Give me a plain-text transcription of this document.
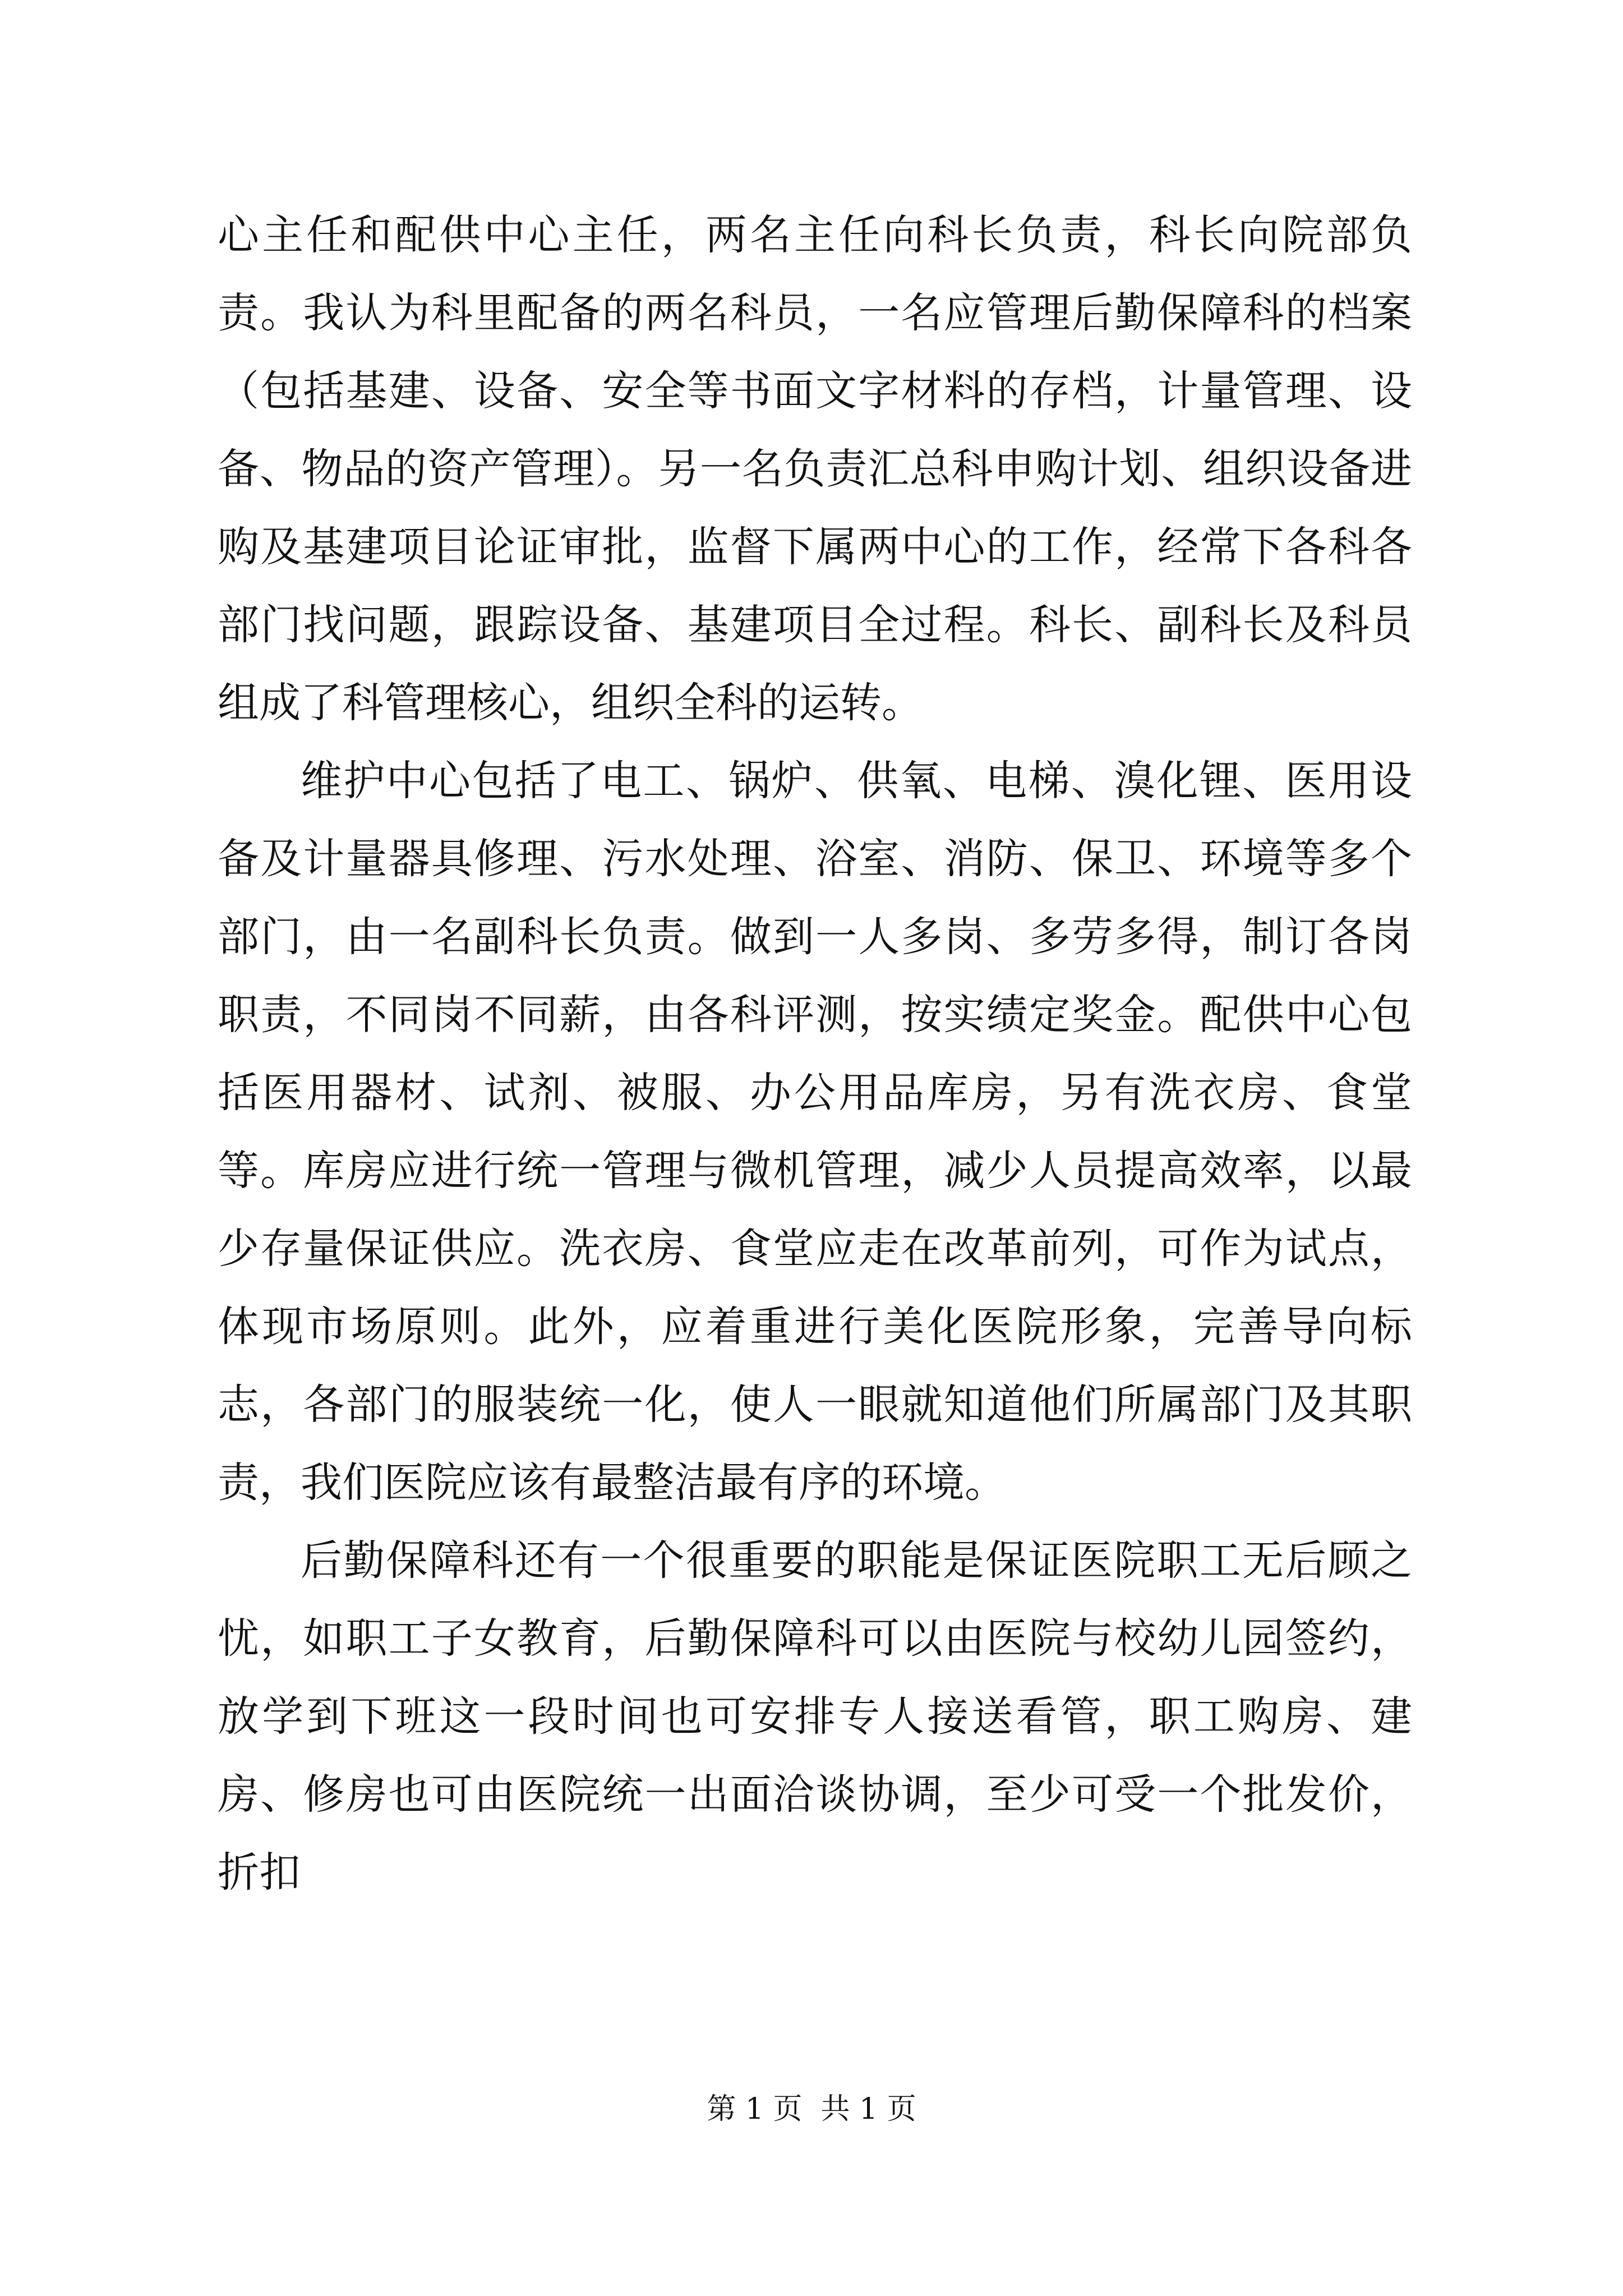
心主任和配供中心主任，两名主任向科长负责，科长向院部负责。我认为科里配备的两名科员，一名应管理后勤保障科的档案（包括基建、设备、安全等书面文字材料的存档，计量管理、设备、物品的资产管理）。另一名负责汇总科申购计划、组织设备进购及基建项目论证审批，监督下属两中心的工作，经常下各科各部门找问题，跟踪设备、基建项目全过程。科长、副科长及科员组成了科管理核心，组织全科的运转。

维护中心包括了电工、锅炉、供氧、电梯、溴化锂、医用设备及计量器具修理、污水处理、浴室、消防、保卫、环境等多个部门，由一名副科长负责。做到一人多岗、多劳多得，制订各岗职责，不同岗不同薪，由各科评测，按实绩定奖金。配供中心包括医用器材、试剂、被服、办公用品库房，另有洗衣房、食堂等。库房应进行统一管理与微机管理，减少人员提高效率，以最少存量保证供应。洗衣房、食堂应走在改革前列，可作为试点，体现市场原则。此外，应着重进行美化医院形象，完善导向标志，各部门的服装统一化，使人一眼就知道他们所属部门及其职责，我们医院应该有最整洁最有序的环境。

后勤保障科还有一个很重要的职能是保证医院职工无后顾之忧，如职工子女教育，后勤保障科可以由医院与校幼儿园签约，放学到下班这一段时间也可安排专人接送看管，职工购房、建房、修房也可由医院统一出面洽谈协调，至少可受一个批发价，折扣

第 1 页  共 1 页
